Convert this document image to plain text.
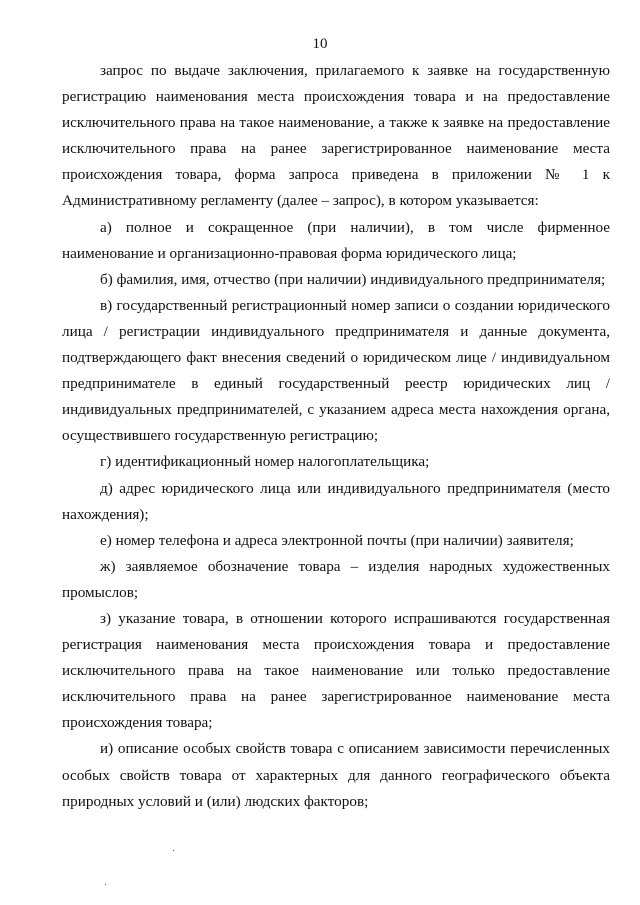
10

запрос по выдаче заключения, прилагаемого к заявке на государственную регистрацию наименования места происхождения товара и на предоставление исключительного права на такое наименование, а также к заявке на предоставление исключительного права на ранее зарегистрированное наименование места происхождения товара, форма запроса приведена в приложении № 1 к Административному регламенту (далее – запрос), в котором указывается:

а) полное и сокращенное (при наличии), в том числе фирменное наименование и организационно-правовая форма юридического лица;

б) фамилия, имя, отчество (при наличии) индивидуального предпринимателя;

в) государственный регистрационный номер записи о создании юридического лица / регистрации индивидуального предпринимателя и данные документа, подтверждающего факт внесения сведений о юридическом лице / индивидуальном предпринимателе в единый государственный реестр юридических лиц / индивидуальных предпринимателей, с указанием адреса места нахождения органа, осуществившего государственную регистрацию;

г) идентификационный номер налогоплательщика;

д) адрес юридического лица или индивидуального предпринимателя (место нахождения);

е) номер телефона и адреса электронной почты (при наличии) заявителя;

ж) заявляемое обозначение товара – изделия народных художественных промыслов;

з) указание товара, в отношении которого испрашиваются государственная регистрация наименования места происхождения товара и предоставление исключительного права на такое наименование или только предоставление исключительного права на ранее зарегистрированное наименование места происхождения товара;

и) описание особых свойств товара с описанием зависимости перечисленных особых свойств товара от характерных для данного географического объекта природных условий и (или) людских факторов;

·
·
